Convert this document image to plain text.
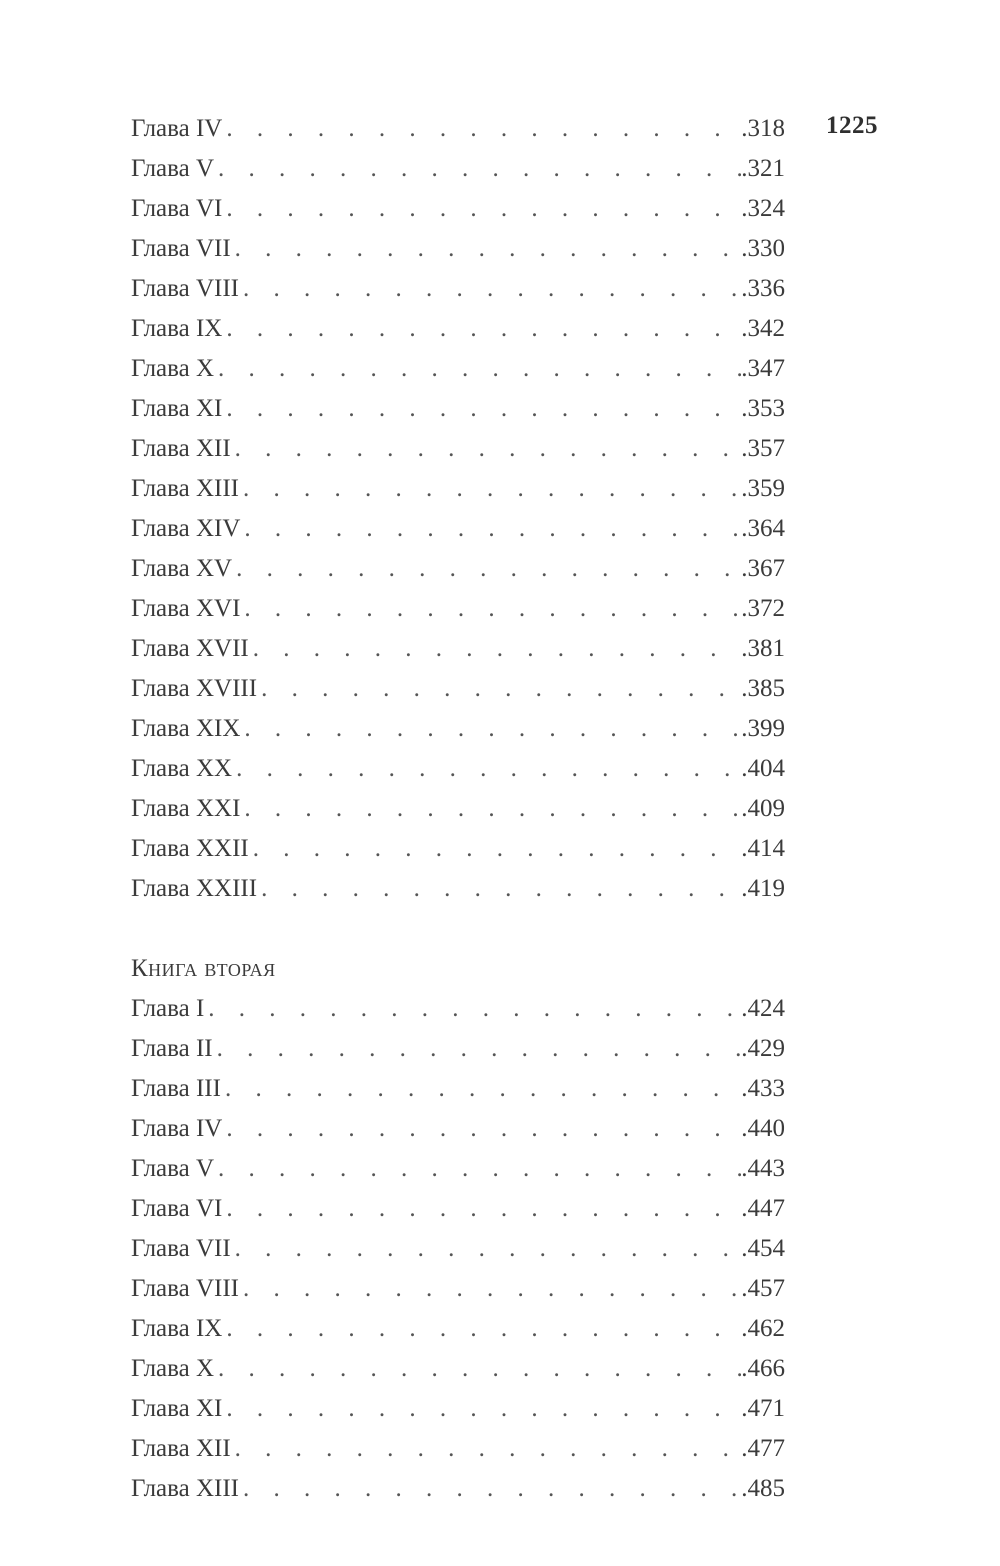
1225
Глава IV . . .	. 318
Глава V . . .	. 321
Глава VI . . .	. 324
Глава VII . . .	. 330
Глава VIII . . .	. 336
Глава IX . . .	. 342
Глава X . . .	. 347
Глава XI . . .	. 353
Глава XII . . .	. 357
Глава XIII . . .	. 359
Глава XIV . . .	. 364
Глава XV . . .	. 367
Глава XVI . . .	. 372
Глава XVII . . .	. 381
Глава XVIII . . .	. 385
Глава XIX . . .	. 399
Глава XX . . .	. 404
Глава XXI . . .	. 409
Глава XXII . . .	. 414
Глава XXIII . . .	. 419
Книга вторая
Глава I . . .	. 424
Глава II . . .	. 429
Глава III . . .	. 433
Глава IV . . .	. 440
Глава V . . .	. 443
Глава VI . . .	. 447
Глава VII . . .	. 454
Глава VIII . . .	. 457
Глава IX . . .	. 462
Глава X . . .	. 466
Глава XI . . .	. 471
Глава XII . . .	. 477
Глава XIII . . .	. 485
